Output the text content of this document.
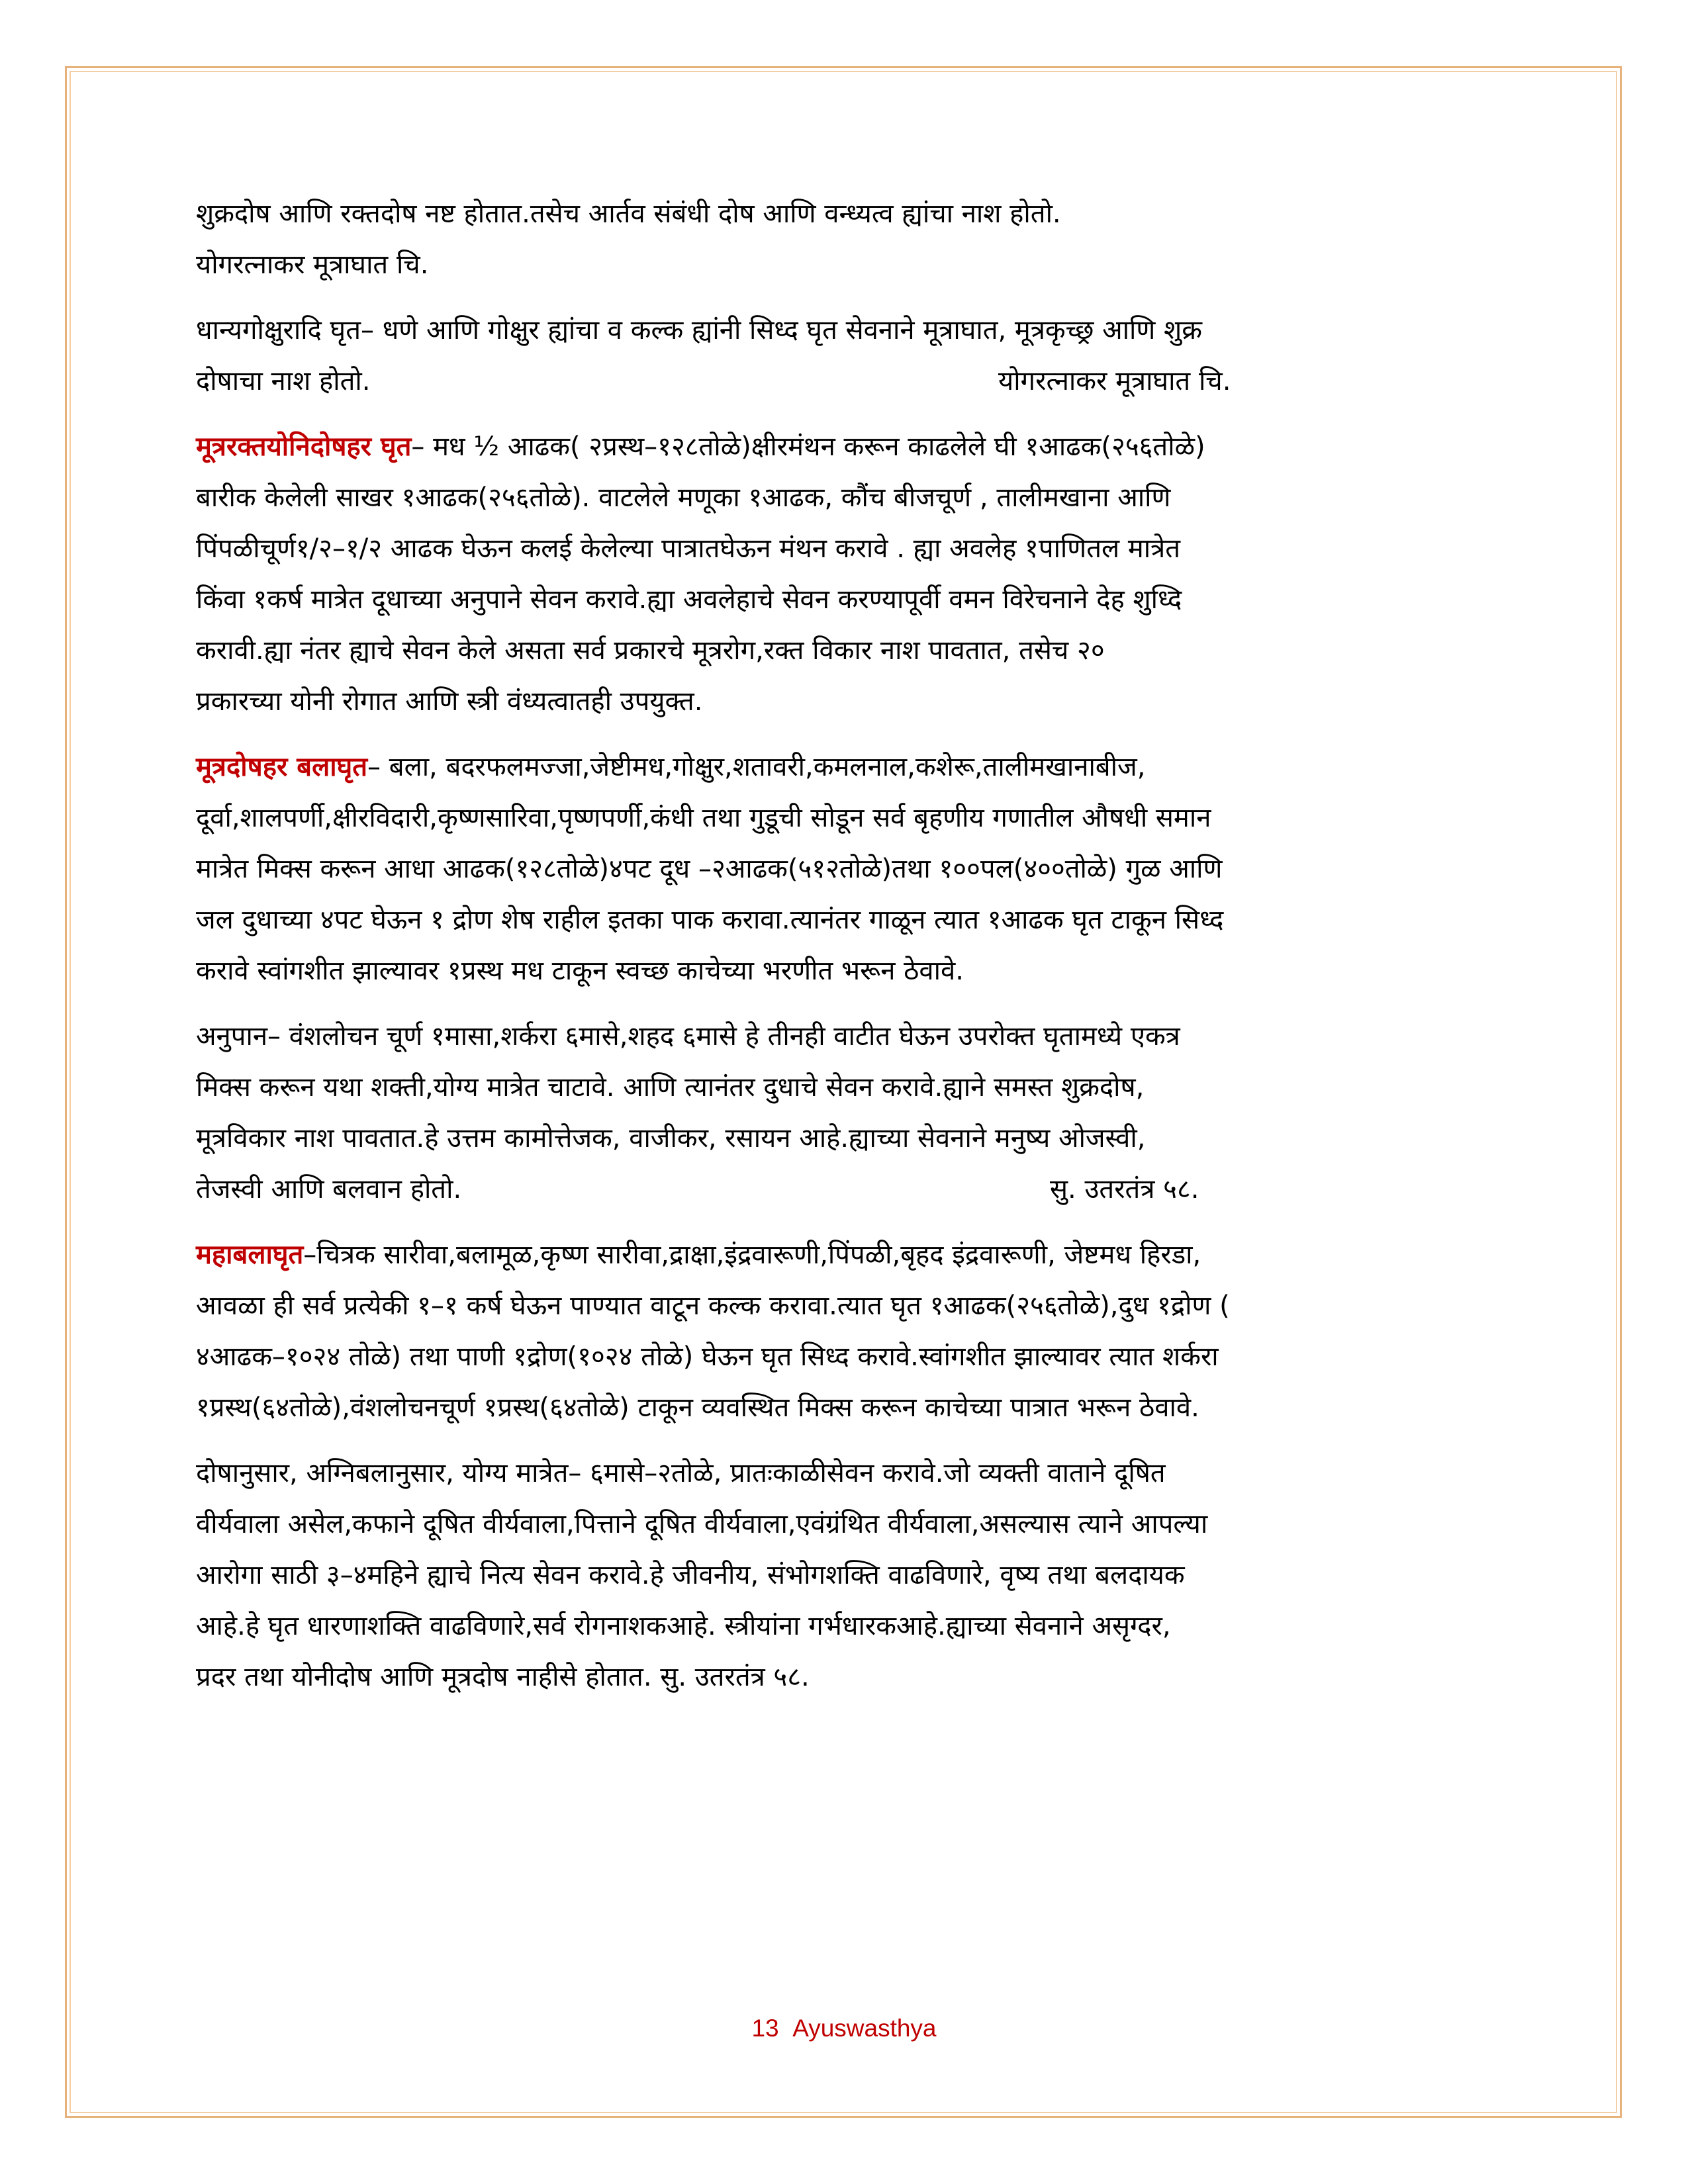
शुक्रदोष आणि रक्तदोष नष्ट होतात.तसेच आर्तव संबंधी दोष आणि वन्ध्यत्व ह्यांचा नाश होतो.
योगरत्नाकर मूत्राघात चि.
धान्यगोक्षुरादि घृत– धणे आणि गोक्षुर ह्यांचा व कल्क ह्यांनी सिध्द घृत सेवनाने मूत्राघात, मूत्रकृच्छ्र आणि शुक्र
दोषाचा नाश होतो.	योगरत्नाकर मूत्राघात चि.
मूत्ररक्तयोनिदोषहर घृत– मध ½ आढक( २प्रस्थ–१२८तोळे)क्षीरमंथन करून काढलेले घी १आढक(२५६तोळे)
बारीक केलेली साखर १आढक(२५६तोळे). वाटलेले मणूका १आढक, कौंच बीजचूर्ण , तालीमखाना आणि
पिंपळीचूर्ण१/२–१/२ आढक घेऊन कलई केलेल्या पात्रातघेऊन मंथन करावे . ह्या अवलेह १पाणितल मात्रेत
किंवा १कर्ष मात्रेत दूधाच्या अनुपाने सेवन करावे.ह्या अवलेहाचे सेवन करण्यापूर्वी वमन विरेचनाने देह शुध्दि
करावी.ह्या नंतर ह्याचे सेवन केले असता सर्व प्रकारचे मूत्ररोग,रक्त विकार नाश पावतात, तसेच २०
प्रकारच्या योनी रोगात आणि स्त्री वंध्यत्वातही उपयुक्त.
मूत्रदोषहर बलाघृत– बला, बदरफलमज्जा,जेष्टीमध,गोक्षुर,शतावरी,कमलनाल,कशेरू,तालीमखानाबीज,
दूर्वा,शालपर्णी,क्षीरविदारी,कृष्णसारिवा,पृष्णपर्णी,कंधी तथा गुडूची सोडून सर्व बृहणीय गणातील औषधी समान
मात्रेत मिक्स करून आधा आढक(१२८तोळे)४पट दूध –२आढक(५१२तोळे)तथा १००पल(४००तोळे) गुळ आणि
जल दुधाच्या ४पट घेऊन १ द्रोण शेष राहील इतका पाक करावा.त्यानंतर गाळून त्यात १आढक घृत टाकून सिध्द
करावे स्वांगशीत झाल्यावर १प्रस्थ मध टाकून स्वच्छ काचेच्या भरणीत भरून ठेवावे.
अनुपान– वंशलोचन चूर्ण १मासा,शर्करा ६मासे,शहद ६मासे हे तीनही वाटीत घेऊन उपरोक्त घृतामध्ये एकत्र
मिक्स करून यथा शक्ती,योग्य मात्रेत चाटावे. आणि त्यानंतर दुधाचे सेवन करावे.ह्याने समस्त शुक्रदोष,
मूत्रविकार नाश पावतात.हे उत्तम कामोत्तेजक, वाजीकर, रसायन आहे.ह्याच्या सेवनाने मनुष्य ओजस्वी,
तेजस्वी आणि बलवान होतो.	सु. उतरतंत्र ५८.
महाबलाघृत–चित्रक सारीवा,बलामूळ,कृष्ण सारीवा,द्राक्षा,इंद्रवारूणी,पिंपळी,बृहद इंद्रवारूणी, जेष्टमध हिरडा,
आवळा ही सर्व प्रत्येकी १–१ कर्ष घेऊन पाण्यात वाटून कल्क करावा.त्यात घृत १आढक(२५६तोळे),दुध १द्रोण (
४आढक–१०२४ तोळे) तथा पाणी १द्रोण(१०२४ तोळे) घेऊन घृत सिध्द करावे.स्वांगशीत झाल्यावर त्यात शर्करा
१प्रस्थ(६४तोळे),वंशलोचनचूर्ण १प्रस्थ(६४तोळे) टाकून व्यवस्थित मिक्स करून काचेच्या पात्रात भरून ठेवावे.
दोषानुसार, अग्निबलानुसार, योग्य मात्रेत– ६मासे–२तोळे, प्रातःकाळीसेवन करावे.जो व्यक्ती वाताने दूषित
वीर्यवाला असेल,कफाने दूषित वीर्यवाला,पित्ताने दूषित वीर्यवाला,एवंग्रंथित वीर्यवाला,असल्यास त्याने आपल्या
आरोगा साठी ३–४महिने ह्याचे नित्य सेवन करावे.हे जीवनीय, संभोगशक्ति वाढविणारे, वृष्य तथा बलदायक
आहे.हे घृत धारणाशक्ति वाढविणारे,सर्व रोगनाशकआहे. स्त्रीयांना गर्भधारकआहे.ह्याच्या सेवनाने असृग्दर,
प्रदर तथा योनीदोष आणि मूत्रदोष नाहीसे होतात. सु. उतरतंत्र ५८.
13 Ayuswasthya
